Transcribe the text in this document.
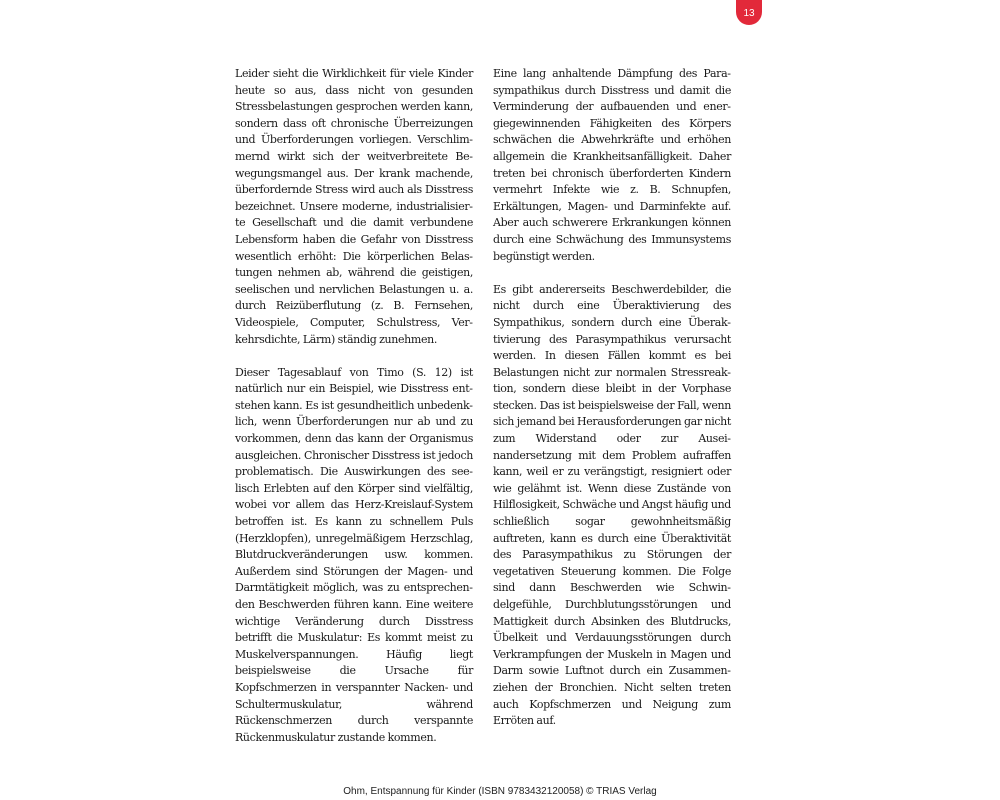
13

Leider sieht die Wirklichkeit für viele Kinder heute so aus, dass nicht von gesunden Stressbelastungen gesprochen werden kann, sondern dass oft chronische Überreizungen und Überforderungen vorliegen. Verschlimmernd wirkt sich der weitverbreitete Bewegungsmangel aus. Der krank machende, überfordernde Stress wird auch als Disstress bezeichnet. Unsere moderne, industrialisierte Gesellschaft und die damit verbundene Lebensform haben die Gefahr von Disstress wesentlich erhöht: Die körperlichen Belastungen nehmen ab, während die geistigen, seelischen und nervlichen Belastungen u. a. durch Reizüberflutung (z. B. Fernsehen, Videospiele, Computer, Schulstress, Verkehrsdichte, Lärm) ständig zunehmen.

Dieser Tagesablauf von Timo (S. 12) ist natürlich nur ein Beispiel, wie Disstress entstehen kann. Es ist gesundheitlich unbedenklich, wenn Überforderungen nur ab und zu vorkommen, denn das kann der Organismus ausgleichen. Chronischer Disstress ist jedoch problematisch. Die Auswirkungen des seelisch Erlebten auf den Körper sind vielfältig, wobei vor allem das Herz-Kreislauf-System betroffen ist. Es kann zu schnellem Puls (Herzklopfen), unregelmäßigem Herzschlag, Blutdruckveränderungen usw. kommen. Außerdem sind Störungen der Magen- und Darmtätigkeit möglich, was zu entsprechenden Beschwerden führen kann. Eine weitere wichtige Veränderung durch Disstress betrifft die Muskulatur: Es kommt meist zu Muskelverspannungen. Häufig liegt beispielsweise die Ursache für Kopfschmerzen in verspannter Nacken- und Schultermuskulatur, während Rückenschmerzen durch verspannte Rückenmuskulatur zustande kommen.

Eine lang anhaltende Dämpfung des Parasympathikus durch Disstress und damit die Verminderung der aufbauenden und energiegewinnenden Fähigkeiten des Körpers schwächen die Abwehrkräfte und erhöhen allgemein die Krankheitsanfälligkeit. Daher treten bei chronisch überforderten Kindern vermehrt Infekte wie z. B. Schnupfen, Erkältungen, Magen- und Darminfekte auf. Aber auch schwerere Erkrankungen können durch eine Schwächung des Immunsystems begünstigt werden.

Es gibt andererseits Beschwerdebilder, die nicht durch eine Überaktivierung des Sympathikus, sondern durch eine Überaktivierung des Parasympathikus verursacht werden. In diesen Fällen kommt es bei Belastungen nicht zur normalen Stressreaktion, sondern diese bleibt in der Vorphase stecken. Das ist beispielsweise der Fall, wenn sich jemand bei Herausforderungen gar nicht zum Widerstand oder zur Auseinandersetzung mit dem Problem aufraffen kann, weil er zu verängstigt, resigniert oder wie gelähmt ist. Wenn diese Zustände von Hilflosigkeit, Schwäche und Angst häufig und schließlich sogar gewohnheitsmäßig auftreten, kann es durch eine Überaktivität des Parasympathikus zu Störungen der vegetativen Steuerung kommen. Die Folge sind dann Beschwerden wie Schwindelgefühle, Durchblutungsstörungen und Mattigkeit durch Absinken des Blutdrucks, Übelkeit und Verdauungsstörungen durch Verkrampfungen der Muskeln in Magen und Darm sowie Luftnot durch ein Zusammenziehen der Bronchien. Nicht selten treten auch Kopfschmerzen und Neigung zum Erröten auf.

Ohm, Entspannung für Kinder (ISBN 9783432120058) © TRIAS Verlag
